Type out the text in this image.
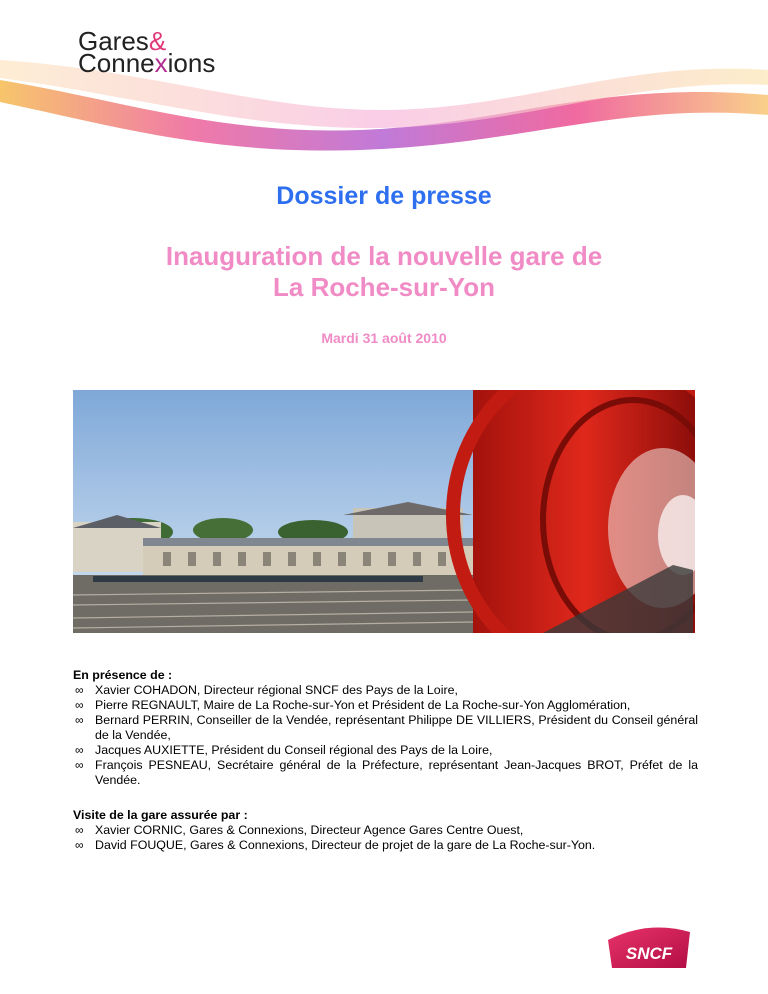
Gares&
Connexions
Dossier de presse
Inauguration de la nouvelle gare de
La Roche-sur-Yon
Mardi 31 août 2010
En présence de :
∞ Xavier COHADON, Directeur régional SNCF des Pays de la Loire,
∞ Pierre REGNAULT, Maire de La Roche-sur-Yon et Président de La Roche-sur-Yon Agglomération,
∞ Bernard PERRIN, Conseiller de la Vendée, représentant Philippe DE VILLIERS, Président du Conseil général de la Vendée,
∞ Jacques AUXIETTE, Président du Conseil régional des Pays de la Loire,
∞ François PESNEAU, Secrétaire général de la Préfecture, représentant Jean-Jacques BROT, Préfet de la Vendée.
Visite de la gare assurée par :
∞ Xavier CORNIC, Gares & Connexions, Directeur Agence Gares Centre Ouest,
∞ David FOUQUE, Gares & Connexions, Directeur de projet de la gare de La Roche-sur-Yon.
SNCF
